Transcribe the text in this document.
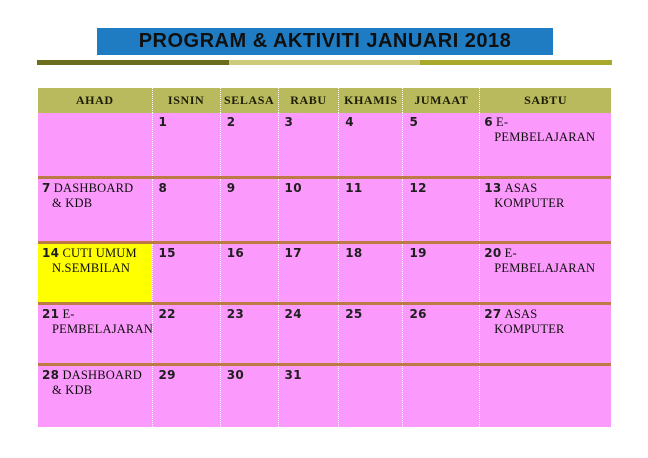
PROGRAM & AKTIVITI JANUARI 2018
AHAD	ISNIN	SELASA	RABU	KHAMIS	JUMAAT	SABTU
	1	2	3	4	5	6 E-PEMBELAJARAN
7 DASHBOARD & KDB	8	9	10	11	12	13 ASAS KOMPUTER
14 CUTI UMUM N.SEMBILAN	15	16	17	18	19	20 E-PEMBELAJARAN
21 E-PEMBELAJARAN	22	23	24	25	26	27 ASAS KOMPUTER
28 DASHBOARD & KDB	29	30	31			
